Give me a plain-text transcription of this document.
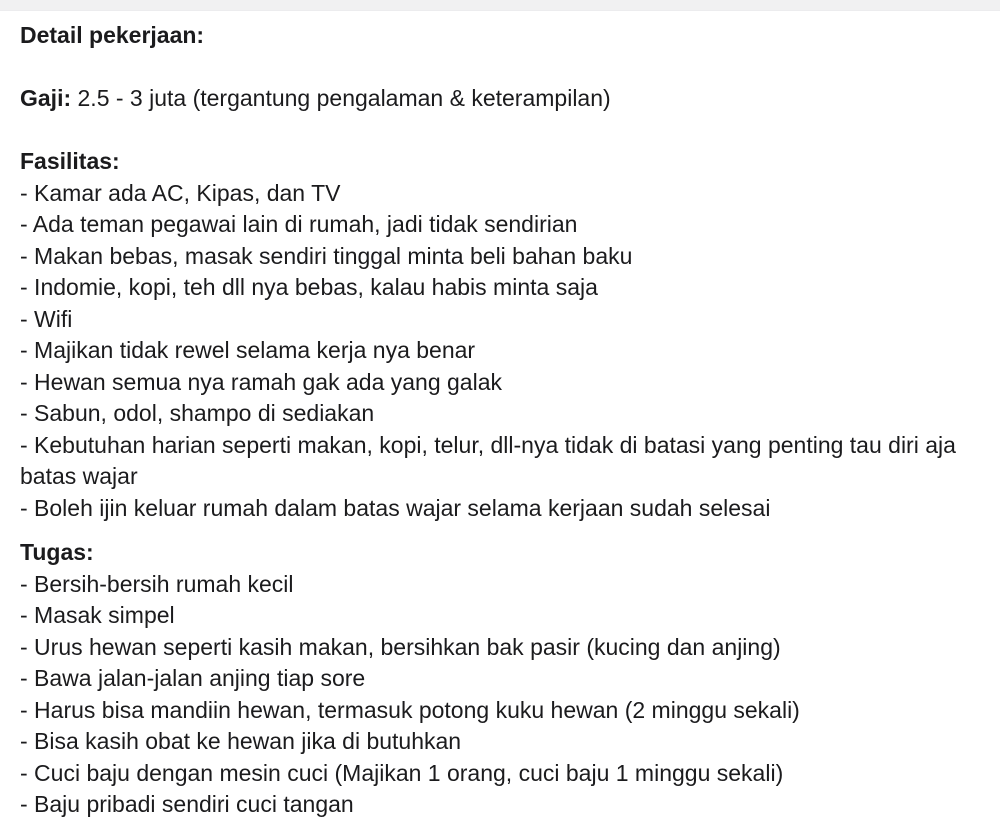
Detail pekerjaan:

Gaji: 2.5 - 3 juta (tergantung pengalaman & keterampilan)

Fasilitas:

- Kamar ada AC, Kipas, dan TV
- Ada teman pegawai lain di rumah, jadi tidak sendirian
- Makan bebas, masak sendiri tinggal minta beli bahan baku
- Indomie, kopi, teh dll nya bebas, kalau habis minta saja
- Wifi
- Majikan tidak rewel selama kerja nya benar
- Hewan semua nya ramah gak ada yang galak
- Sabun, odol, shampo di sediakan
- Kebutuhan harian seperti makan, kopi, telur, dll-nya tidak di batasi yang penting tau diri aja batas wajar
- Boleh ijin keluar rumah dalam batas wajar selama kerjaan sudah selesai

Tugas:

- Bersih-bersih rumah kecil
- Masak simpel
- Urus hewan seperti kasih makan, bersihkan bak pasir (kucing dan anjing)
- Bawa jalan-jalan anjing tiap sore
- Harus bisa mandiin hewan, termasuk potong kuku hewan (2 minggu sekali)
- Bisa kasih obat ke hewan jika di butuhkan
- Cuci baju dengan mesin cuci (Majikan 1 orang, cuci baju 1 minggu sekali)
- Baju pribadi sendiri cuci tangan
